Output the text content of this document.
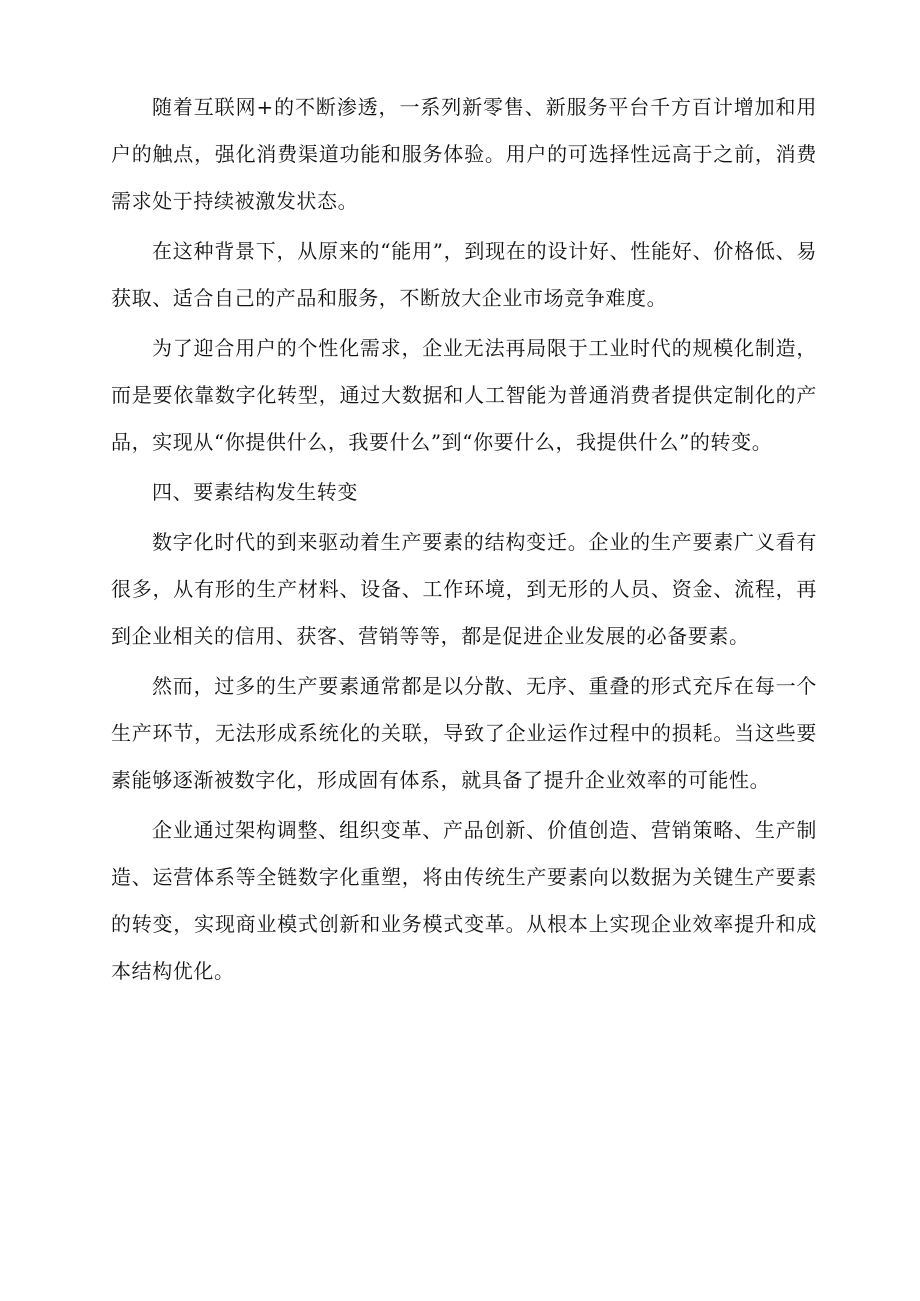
随着互联网+的不断渗透，一系列新零售、新服务平台千方百计增加和用户的触点，强化消费渠道功能和服务体验。用户的可选择性远高于之前，消费需求处于持续被激发状态。

在这种背景下，从原来的“能用”，到现在的设计好、性能好、价格低、易获取、适合自己的产品和服务，不断放大企业市场竞争难度。

为了迎合用户的个性化需求，企业无法再局限于工业时代的规模化制造，而是要依靠数字化转型，通过大数据和人工智能为普通消费者提供定制化的产品，实现从“你提供什么，我要什么”到“你要什么，我提供什么”的转变。

四、要素结构发生转变

数字化时代的到来驱动着生产要素的结构变迁。企业的生产要素广义看有很多，从有形的生产材料、设备、工作环境，到无形的人员、资金、流程，再到企业相关的信用、获客、营销等等，都是促进企业发展的必备要素。

然而，过多的生产要素通常都是以分散、无序、重叠的形式充斥在每一个生产环节，无法形成系统化的关联，导致了企业运作过程中的损耗。当这些要素能够逐渐被数字化，形成固有体系，就具备了提升企业效率的可能性。

企业通过架构调整、组织变革、产品创新、价值创造、营销策略、生产制造、运营体系等全链数字化重塑，将由传统生产要素向以数据为关键生产要素的转变，实现商业模式创新和业务模式变革。从根本上实现企业效率提升和成本结构优化。
